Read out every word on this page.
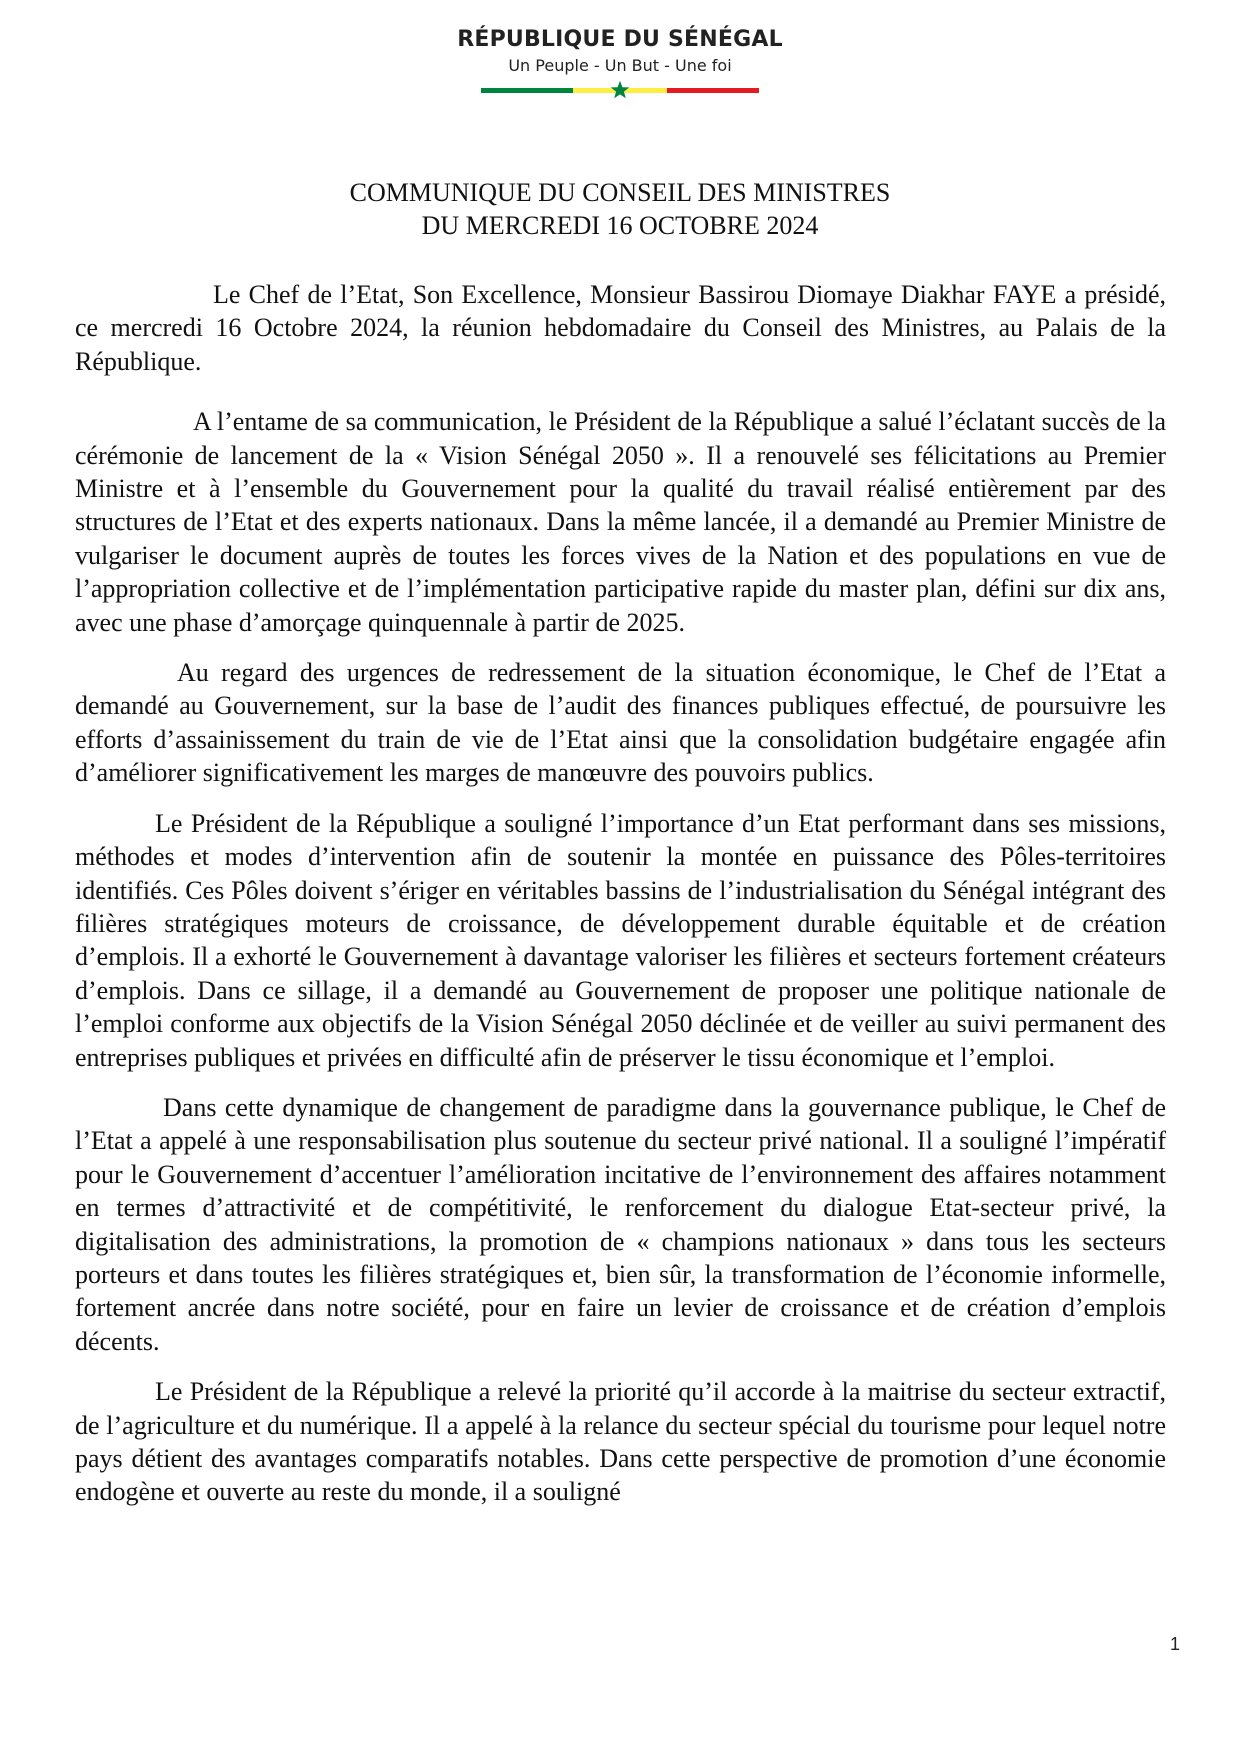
RÉPUBLIQUE DU SÉNÉGAL
Un Peuple - Un But - Une foi
COMMUNIQUE DU CONSEIL DES MINISTRES
DU MERCREDI 16 OCTOBRE 2024

Le Chef de l’Etat, Son Excellence, Monsieur Bassirou Diomaye Diakhar FAYE a présidé, ce mercredi 16 Octobre 2024, la réunion hebdomadaire du Conseil des Ministres, au Palais de la République.

A l’entame de sa communication, le Président de la République a salué l’éclatant succès de la cérémonie de lancement de la « Vision Sénégal 2050 ». Il a renouvelé ses félicitations au Premier Ministre et à l’ensemble du Gouvernement pour la qualité du travail réalisé entièrement par des structures de l’Etat et des experts nationaux. Dans la même lancée, il a demandé au Premier Ministre de vulgariser le document auprès de toutes les forces vives de la Nation et des populations en vue de l’appropriation collective et de l’implémentation participative rapide du master plan, défini sur dix ans, avec une phase d’amorçage quinquennale à partir de 2025.

Au regard des urgences de redressement de la situation économique, le Chef de l’Etat a demandé au Gouvernement, sur la base de l’audit des finances publiques effectué, de poursuivre les efforts d’assainissement du train de vie de l’Etat ainsi que la consolidation budgétaire engagée afin d’améliorer significativement les marges de manœuvre des pouvoirs publics.

Le Président de la République a souligné l’importance d’un Etat performant dans ses missions, méthodes et modes d’intervention afin de soutenir la montée en puissance des Pôles-territoires identifiés. Ces Pôles doivent s’ériger en véritables bassins de l’industrialisation du Sénégal intégrant des filières stratégiques moteurs de croissance, de développement durable équitable et de création d’emplois. Il a exhorté le Gouvernement à davantage valoriser les filières et secteurs fortement créateurs d’emplois. Dans ce sillage, il a demandé au Gouvernement de proposer une politique nationale de l’emploi conforme aux objectifs de la Vision Sénégal 2050 déclinée et de veiller au suivi permanent des entreprises publiques et privées en difficulté afin de préserver le tissu économique et l’emploi.

Dans cette dynamique de changement de paradigme dans la gouvernance publique, le Chef de l’Etat a appelé à une responsabilisation plus soutenue du secteur privé national. Il a souligné l’impératif pour le Gouvernement d’accentuer l’amélioration incitative de l’environnement des affaires notamment en termes d’attractivité et de compétitivité, le renforcement du dialogue Etat-secteur privé, la digitalisation des administrations, la promotion de « champions nationaux » dans tous les secteurs porteurs et dans toutes les filières stratégiques et, bien sûr, la transformation de l’économie informelle, fortement ancrée dans notre société, pour en faire un levier de croissance et de création d’emplois décents.

Le Président de la République a relevé la priorité qu’il accorde à la maitrise du secteur extractif, de l’agriculture et du numérique. Il a appelé à la relance du secteur spécial du tourisme pour lequel notre pays détient des avantages comparatifs notables. Dans cette perspective de promotion d’une économie endogène et ouverte au reste du monde, il a souligné

1
